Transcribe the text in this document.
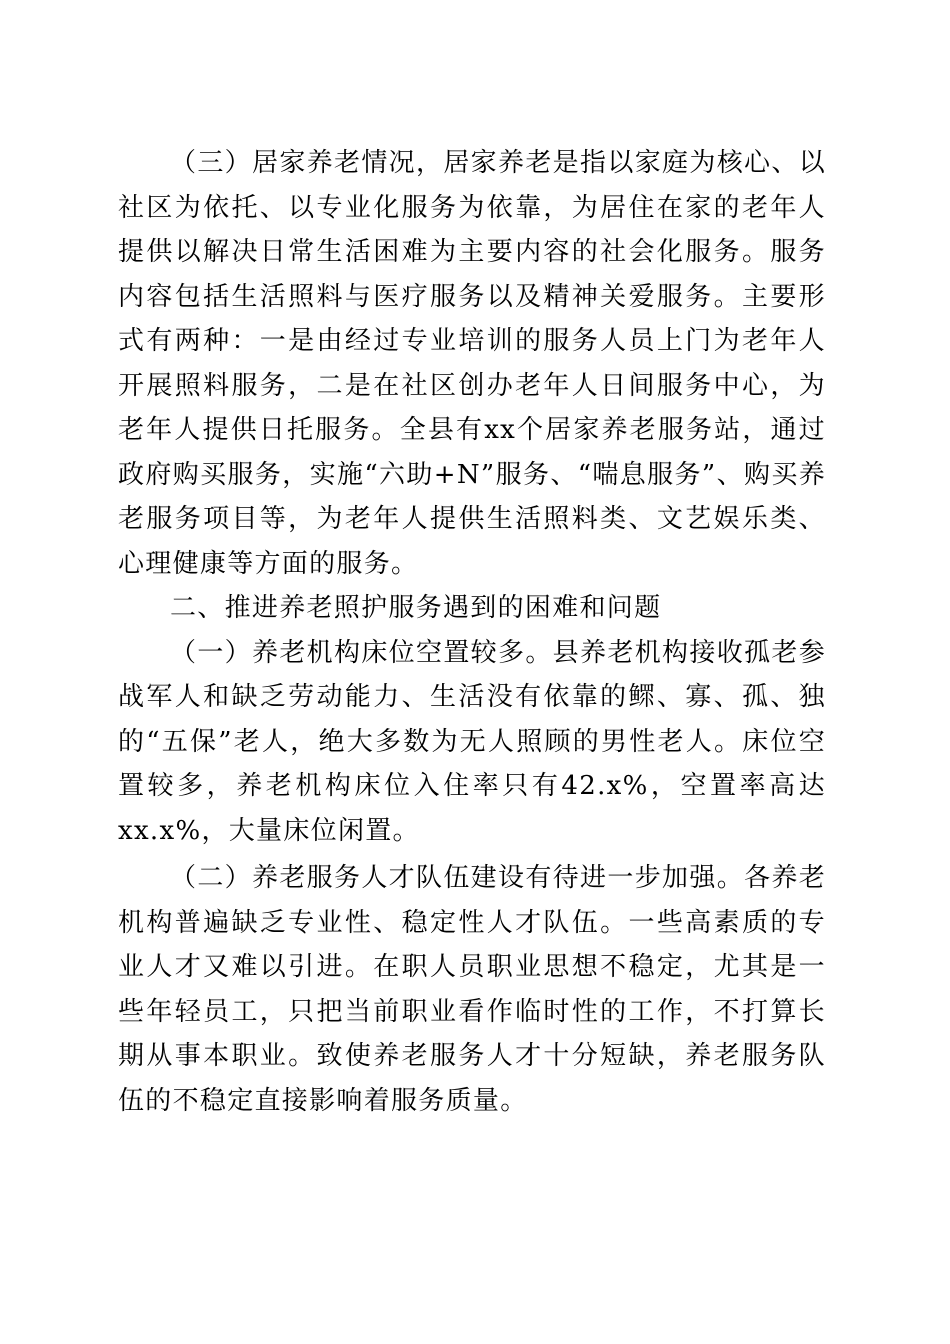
（三）居家养老情况，居家养老是指以家庭为核心、以社区为依托、以专业化服务为依靠，为居住在家的老年人提供以解决日常生活困难为主要内容的社会化服务。服务内容包括生活照料与医疗服务以及精神关爱服务。主要形式有两种：一是由经过专业培训的服务人员上门为老年人开展照料服务，二是在社区创办老年人日间服务中心，为老年人提供日托服务。全县有xx个居家养老服务站，通过政府购买服务，实施“六助+N”服务、“喘息服务”、购买养老服务项目等，为老年人提供生活照料类、文艺娱乐类、心理健康等方面的服务。

二、推进养老照护服务遇到的困难和问题

（一）养老机构床位空置较多。县养老机构接收孤老参战军人和缺乏劳动能力、生活没有依靠的鳏、寡、孤、独的“五保”老人，绝大多数为无人照顾的男性老人。床位空置较多，养老机构床位入住率只有42.x%，空置率高达xx.x%，大量床位闲置。

（二）养老服务人才队伍建设有待进一步加强。各养老机构普遍缺乏专业性、稳定性人才队伍。一些高素质的专业人才又难以引进。在职人员职业思想不稳定，尤其是一些年轻员工，只把当前职业看作临时性的工作，不打算长期从事本职业。致使养老服务人才十分短缺，养老服务队伍的不稳定直接影响着服务质量。
